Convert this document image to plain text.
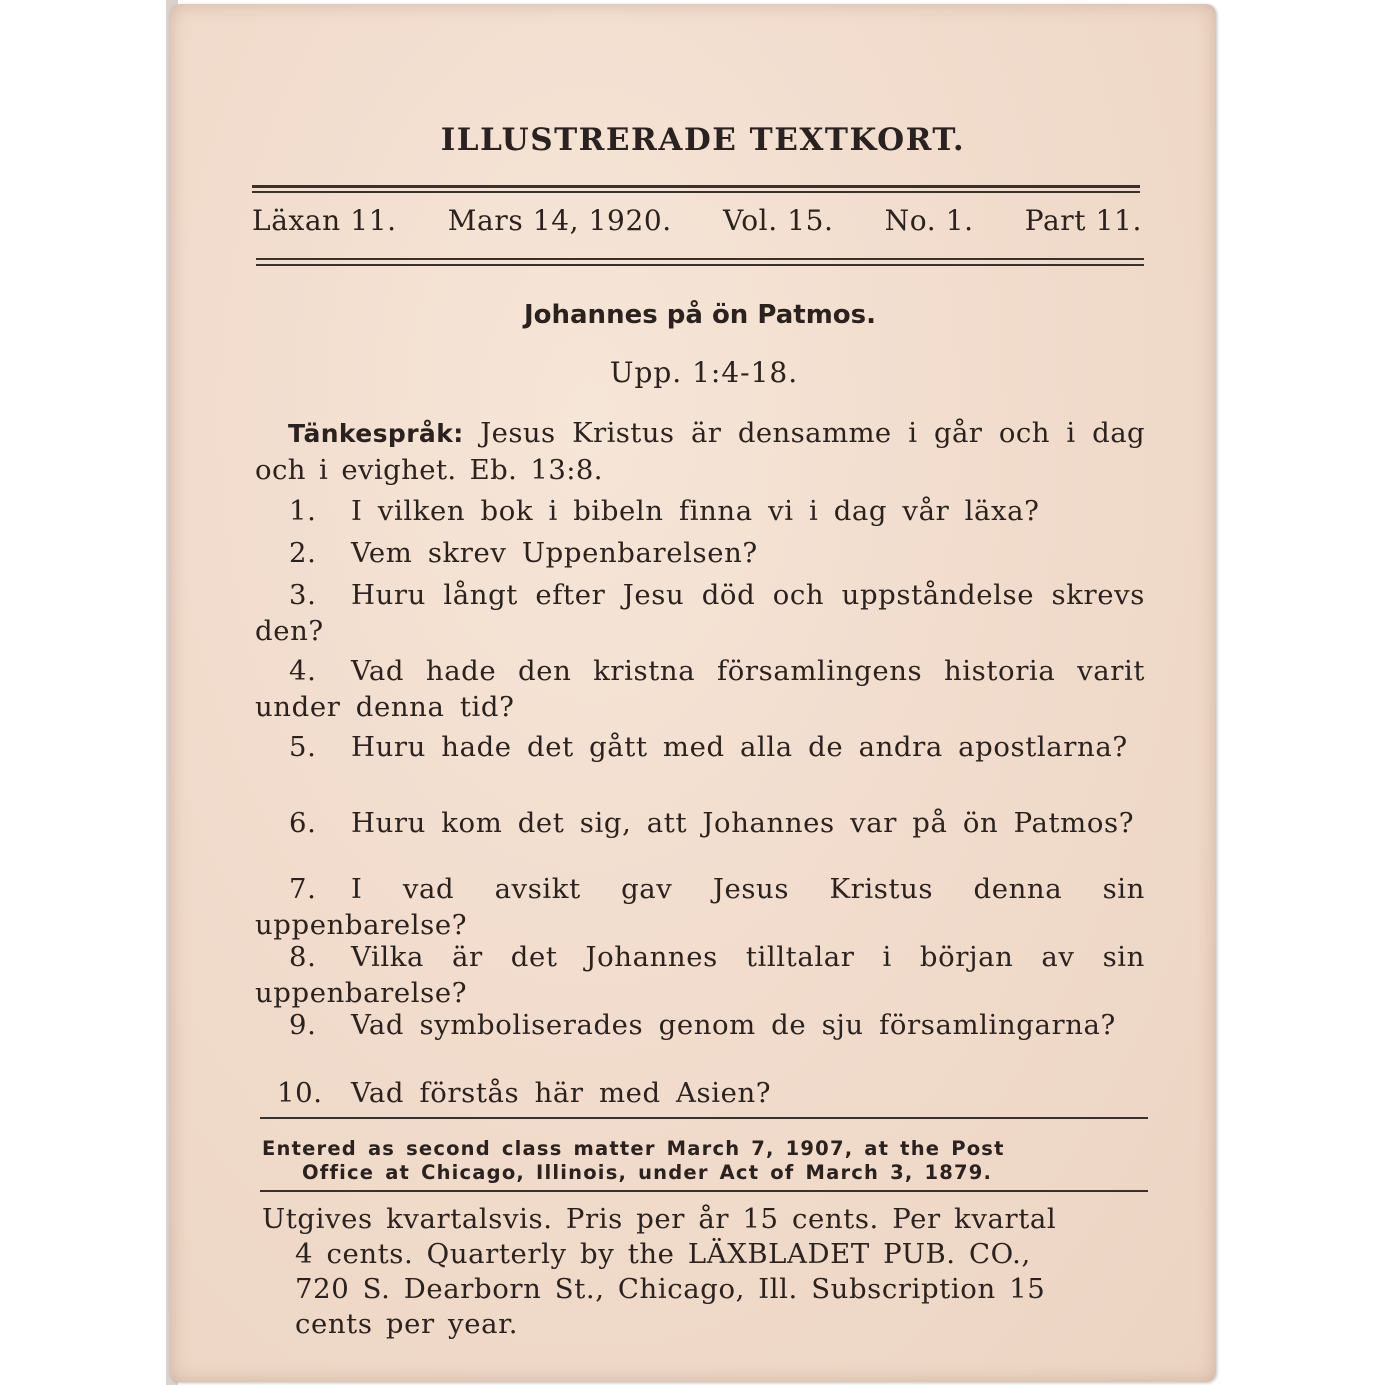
ILLUSTRERADE TEXTKORT.
Läxan 11. Mars 14, 1920. Vol. 15. No. 1. Part 11.
Johannes på ön Patmos.
Upp. 1:4-18.
Tänkespråk: Jesus Kristus är densamme i går och i dag och i evighet. Eb. 13:8.
1. I vilken bok i bibeln finna vi i dag vår läxa?
2. Vem skrev Uppenbarelsen?
3. Huru långt efter Jesu död och uppståndelse skrevs den?
4. Vad hade den kristna församlingens historia varit under denna tid?
5. Huru hade det gått med alla de andra apostlarna?
6. Huru kom det sig, att Johannes var på ön Patmos?
7. I vad avsikt gav Jesus Kristus denna sin uppenbarelse?
8. Vilka är det Johannes tilltalar i början av sin uppenbarelse?
9. Vad symboliserades genom de sju församlingarna?
10. Vad förstås här med Asien?
Entered as second class matter March 7, 1907, at the Post
Office at Chicago, Illinois, under Act of March 3, 1879.
Utgives kvartalsvis. Pris per år 15 cents. Per kvartal
4 cents. Quarterly by the LÄXBLADET PUB. CO.,
720 S. Dearborn St., Chicago, Ill. Subscription 15
cents per year.
